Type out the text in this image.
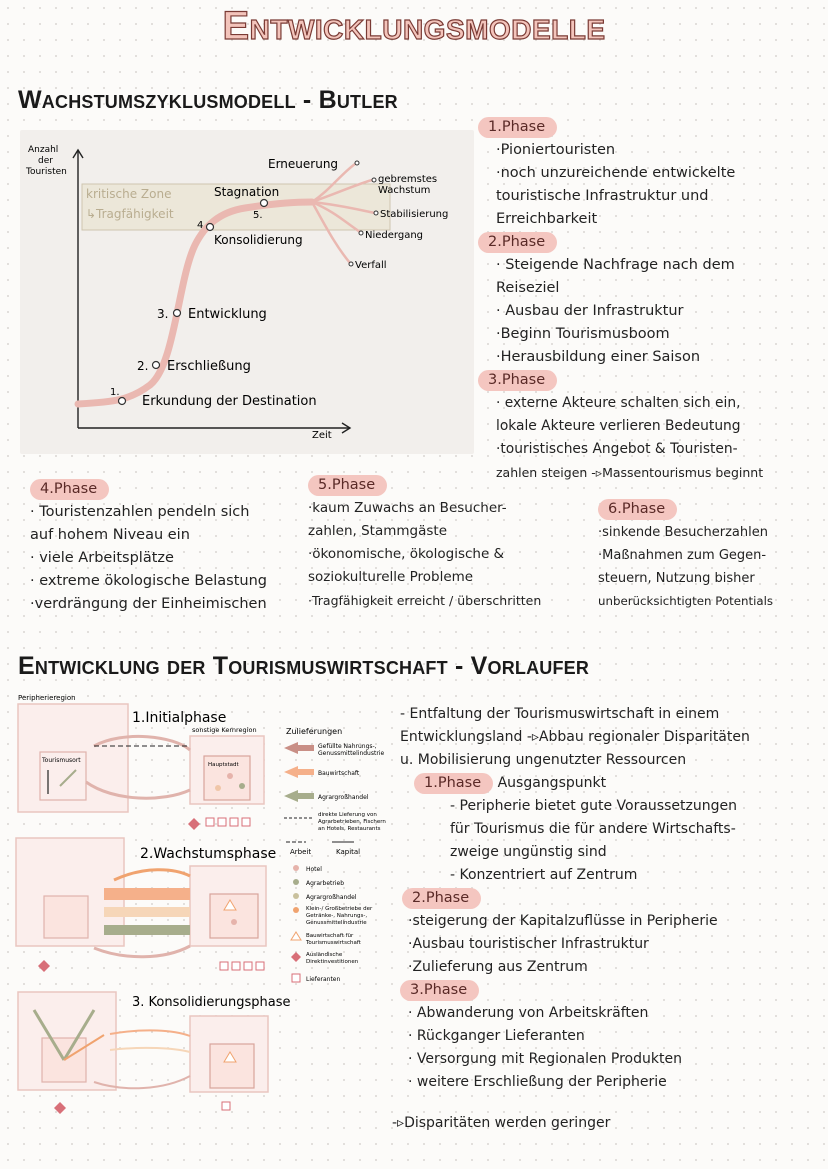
Entwicklungsmodelle
Wachstumszyklusmodell - Butler
Anzahl
der
Touristen
Zeit
kritische Zone
↳Tragfähigkeit
1.
Erkundung der Destination
2. Erschließung
3. Entwicklung
4
Konsolidierung
Stagnation
5.
Erneuerung
gebremstes
Wachstum
Stabilisierung
Niedergang
Verfall
1.Phase
·Pioniertouristen
·noch unzureichende entwickelte
touristische Infrastruktur und
Erreichbarkeit
2.Phase
· Steigende Nachfrage nach dem
Reiseziel
· Ausbau der Infrastruktur
·Beginn Tourismusboom
·Herausbildung einer Saison
3.Phase
· externe Akteure schalten sich ein,
lokale Akteure verlieren Bedeutung
·touristisches Angebot & Touristen-
zahlen steigen -▹Massentourismus beginnt
4.Phase
· Touristenzahlen pendeln sich
auf hohem Niveau ein
· viele Arbeitsplätze
· extreme ökologische Belastung
·verdrängung der Einheimischen
5.Phase
·kaum Zuwachs an Besucher-
zahlen, Stammgäste
·ökonomische, ökologische &
soziokulturelle Probleme
·Tragfähigkeit erreicht / überschritten
6.Phase
·sinkende Besucherzahlen
·Maßnahmen zum Gegen-
steuern, Nutzung bisher
unberücksichtigten Potentials
Entwicklung der Tourismuswirtschaft - Vorlaufer
Peripherieregion
Tourismusort
1.Initialphase
sonstige Kernregion
Hauptstadt
Zulieferungen
Gefüllte Nahrungs-,
Genussmittelindustrie
Bauwirtschaft
Agrargroßhandel
direkte Lieferung von
Agrarbetrieben, Fischern
an Hotels, Restaurants
Arbeit	Kapital
Hotel
Agrarbetrieb
Agrargroßhandel
Klein-/ Großbetriebe der
Getränke-, Nahrungs-,
Genussmittelindustrie
Bauwirtschaft für
Tourismuswirtschaft
Ausländische
Direktinvestitionen
Lieferanten
2.Wachstumsphase
3. Konsolidierungsphase
- Entfaltung der Tourismuswirtschaft in einem
Entwicklungsland -▹Abbau regionaler Disparitäten
u. Mobilisierung ungenutzter Ressourcen
1.Phase Ausgangspunkt
- Peripherie bietet gute Voraussetzungen
für Tourismus die für andere Wirtschafts-
zweige ungünstig sind
- Konzentriert auf Zentrum
2.Phase
·steigerung der Kapitalzuflüsse in Peripherie
·Ausbau touristischer Infrastruktur
·Zulieferung aus Zentrum
3.Phase
· Abwanderung von Arbeitskräften
· Rückganger Lieferanten
· Versorgung mit Regionalen Produkten
· weitere Erschließung der Peripherie
-▹Disparitäten werden geringer
